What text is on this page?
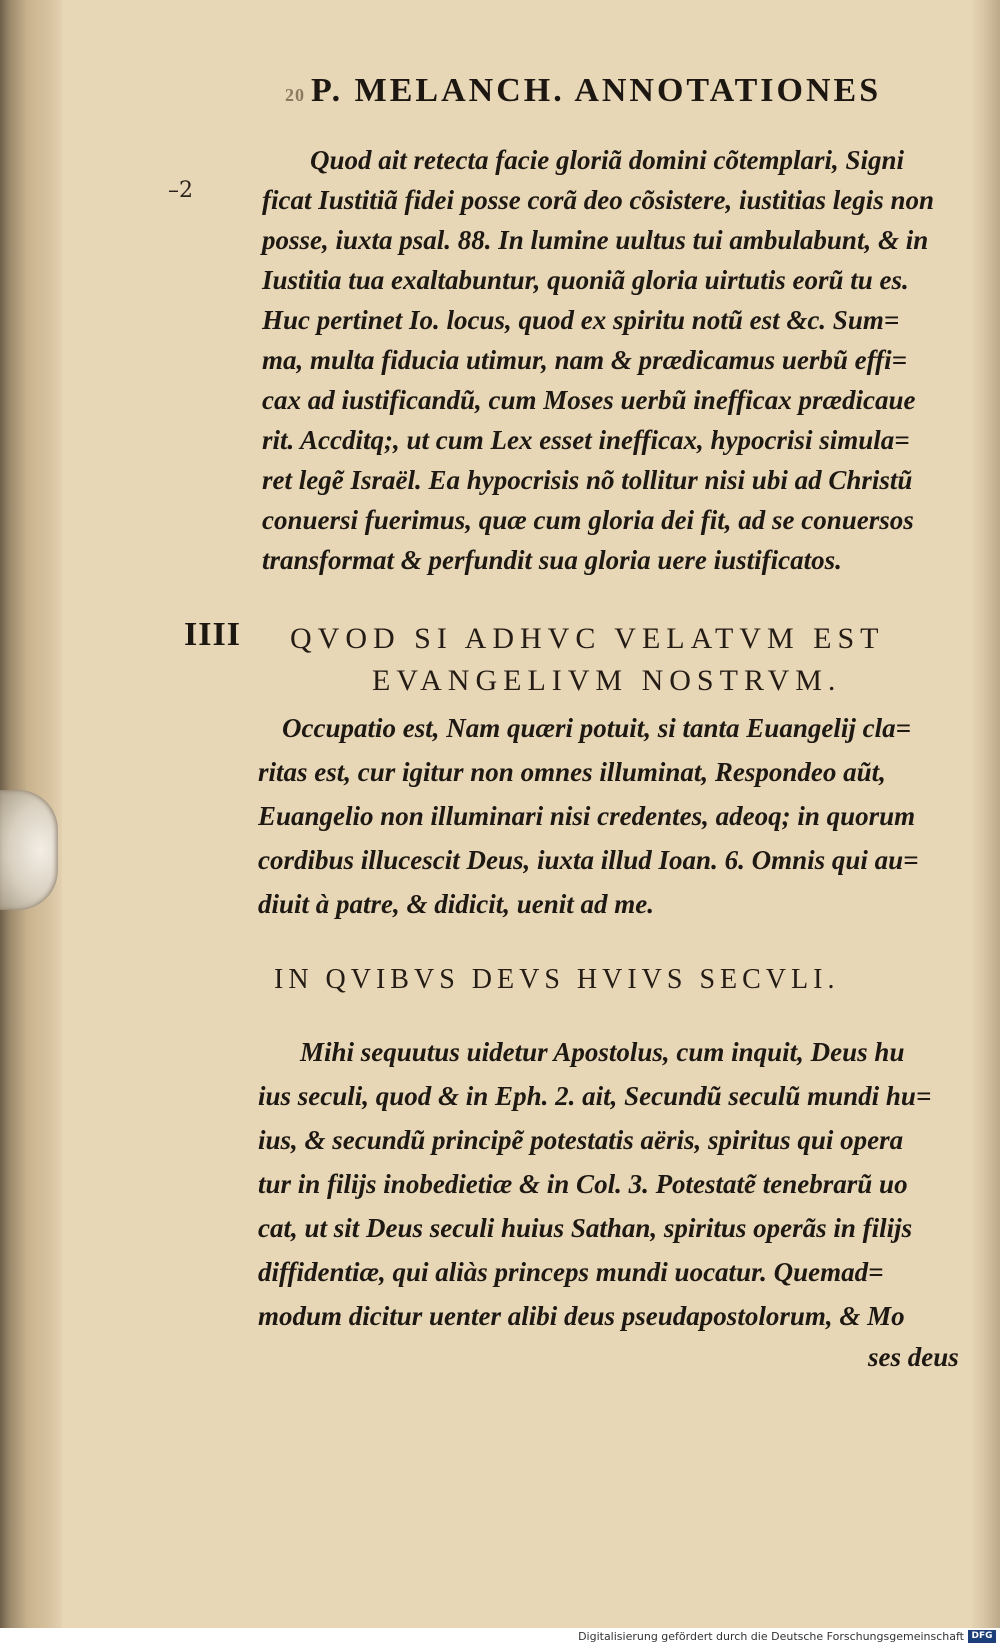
20 P. MELANCH. ANNOTATIONES
–2
IIII
Quod ait retecta facie gloriã domini cõtemplari, Signi
ficat Iustitiã fidei posse corã deo cõsistere, iustitias legis non
posse, iuxta psal. 88. In lumine uultus tui ambulabunt, & in
Iustitia tua exaltabuntur, quoniã gloria uirtutis eorũ tu es.
Huc pertinet Io. locus, quod ex spiritu notũ est &c. Sum=
ma, multa fiducia utimur, nam & prædicamus uerbũ effi=
cax ad iustificandũ, cum Moses uerbũ inefficax prædicaue
rit. Accditq;, ut cum Lex esset inefficax, hypocrisi simula=
ret legẽ Israël. Ea hypocrisis nõ tollitur nisi ubi ad Christũ
conuersi fuerimus, quæ cum gloria dei fit, ad se conuersos
transformat & perfundit sua gloria uere iustificatos.
QVOD SI ADHVC VELATVM EST
EVANGELIVM NOSTRVM.
Occupatio est, Nam quæri potuit, si tanta Euangelij cla=
ritas est, cur igitur non omnes illuminat, Respondeo aũt,
Euangelio non illuminari nisi credentes, adeoq; in quorum
cordibus illucescit Deus, iuxta illud Ioan. 6. Omnis qui au=
diuit à patre, & didicit, uenit ad me.
IN QVIBVS DEVS HVIVS SECVLI.
Mihi sequutus uidetur Apostolus, cum inquit, Deus hu
ius seculi, quod & in Eph. 2. ait, Secundũ seculũ mundi hu=
ius, & secundũ principẽ potestatis aëris, spiritus qui opera
tur in filijs inobedietiæ & in Col. 3. Potestatẽ tenebrarũ uo
cat, ut sit Deus seculi huius Sathan, spiritus operãs in filijs
diffidentiæ, qui aliàs princeps mundi uocatur. Quemad=
modum dicitur uenter alibi deus pseudapostolorum, & Mo
ses deus
Digitalisierung gefördert durch die Deutsche Forschungsgemeinschaft DFG
